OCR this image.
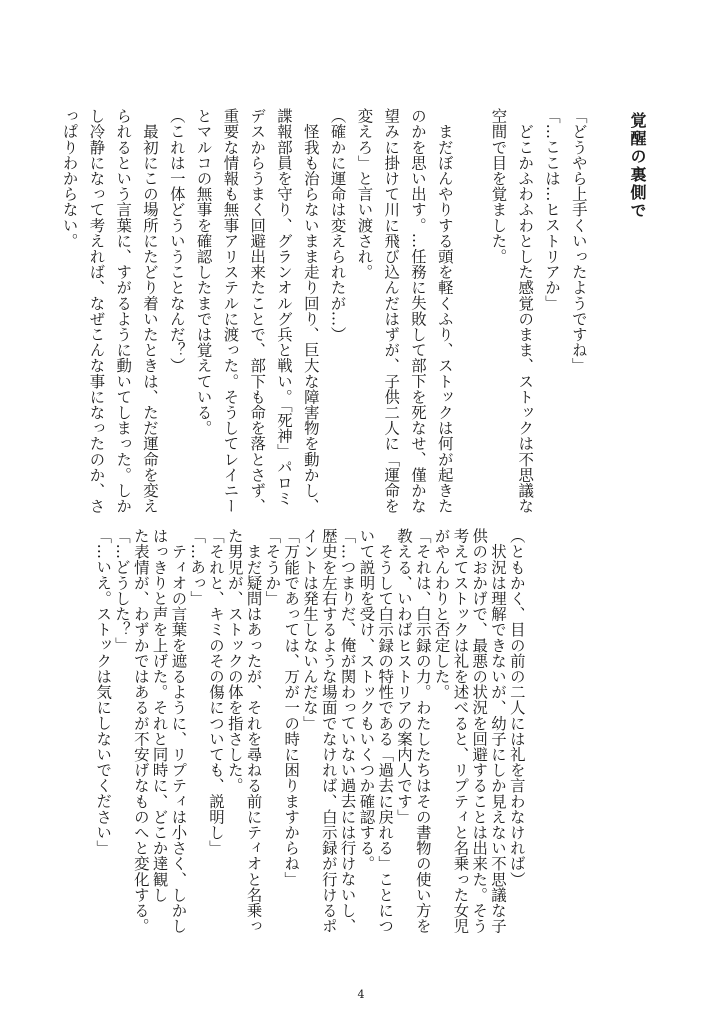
覚醒の裏側で

「どうやら上手くいったようですね」

「…ここは…ヒストリアか」

　どこかふわふわとした感覚のまま、ストックは不思議な

空間で目を覚ました。

　まだぼんやりする頭を軽くふり、ストックは何が起きた

のかを思い出す。…任務に失敗して部下を死なせ、僅かな

望みに掛けて川に飛び込んだはずが、子供二人に「運命を

変えろ」と言い渡され。

（確かに運命は変えられたが…）

　怪我も治らないまま走り回り、巨大な障害物を動かし、

諜報部員を守り、グランオルグ兵と戦い。「死神」パロミ

デスからうまく回避出来たことで、部下も命を落とさず、

重要な情報も無事アリステルに渡った。そうしてレイニー

とマルコの無事を確認したまでは覚えている。

（これは一体どういうことなんだ？）

　最初にこの場所にたどり着いたときは、ただ運命を変え

られるという言葉に、すがるように動いてしまった。しか

し冷静になって考えれば、なぜこんな事になったのか、さ

っぱりわからない。

（ともかく、目の前の二人には礼を言わなければ）

　状況は理解できないが、幼子にしか見えない不思議な子

供のおかげで、最悪の状況を回避することは出来た。そう

考えてストックは礼を述べると、リプティと名乗った女児

がやんわりと否定した。

「それは、白示録の力。わたしたちはその書物の使い方を

教える、いわばヒストリアの案内人です」

　そうして白示録の特性である「過去に戻れる」ことにつ

いて説明を受け、ストックもいくつか確認する。

「…つまりだ、俺が関わっていない過去には行けないし、

歴史を左右するような場面でなければ、白示録が行けるポ

イントは発生しないんだな」

「万能であっては、万が一の時に困りますからね」

「そうか」

　まだ疑問はあったが、それを尋ねる前にティオと名乗っ

た男児が、ストックの体を指さした。

「それと、キミのその傷についても、説明し」

「…あっ」

　ティオの言葉を遮るように、リプティは小さく、しかし

はっきりと声を上げた。それと同時に、どこか達観し

た表情が、わずかではあるが不安げなものへと変化する。

「…どうした？」

「…いえ。ストックは気にしないでください」

4
